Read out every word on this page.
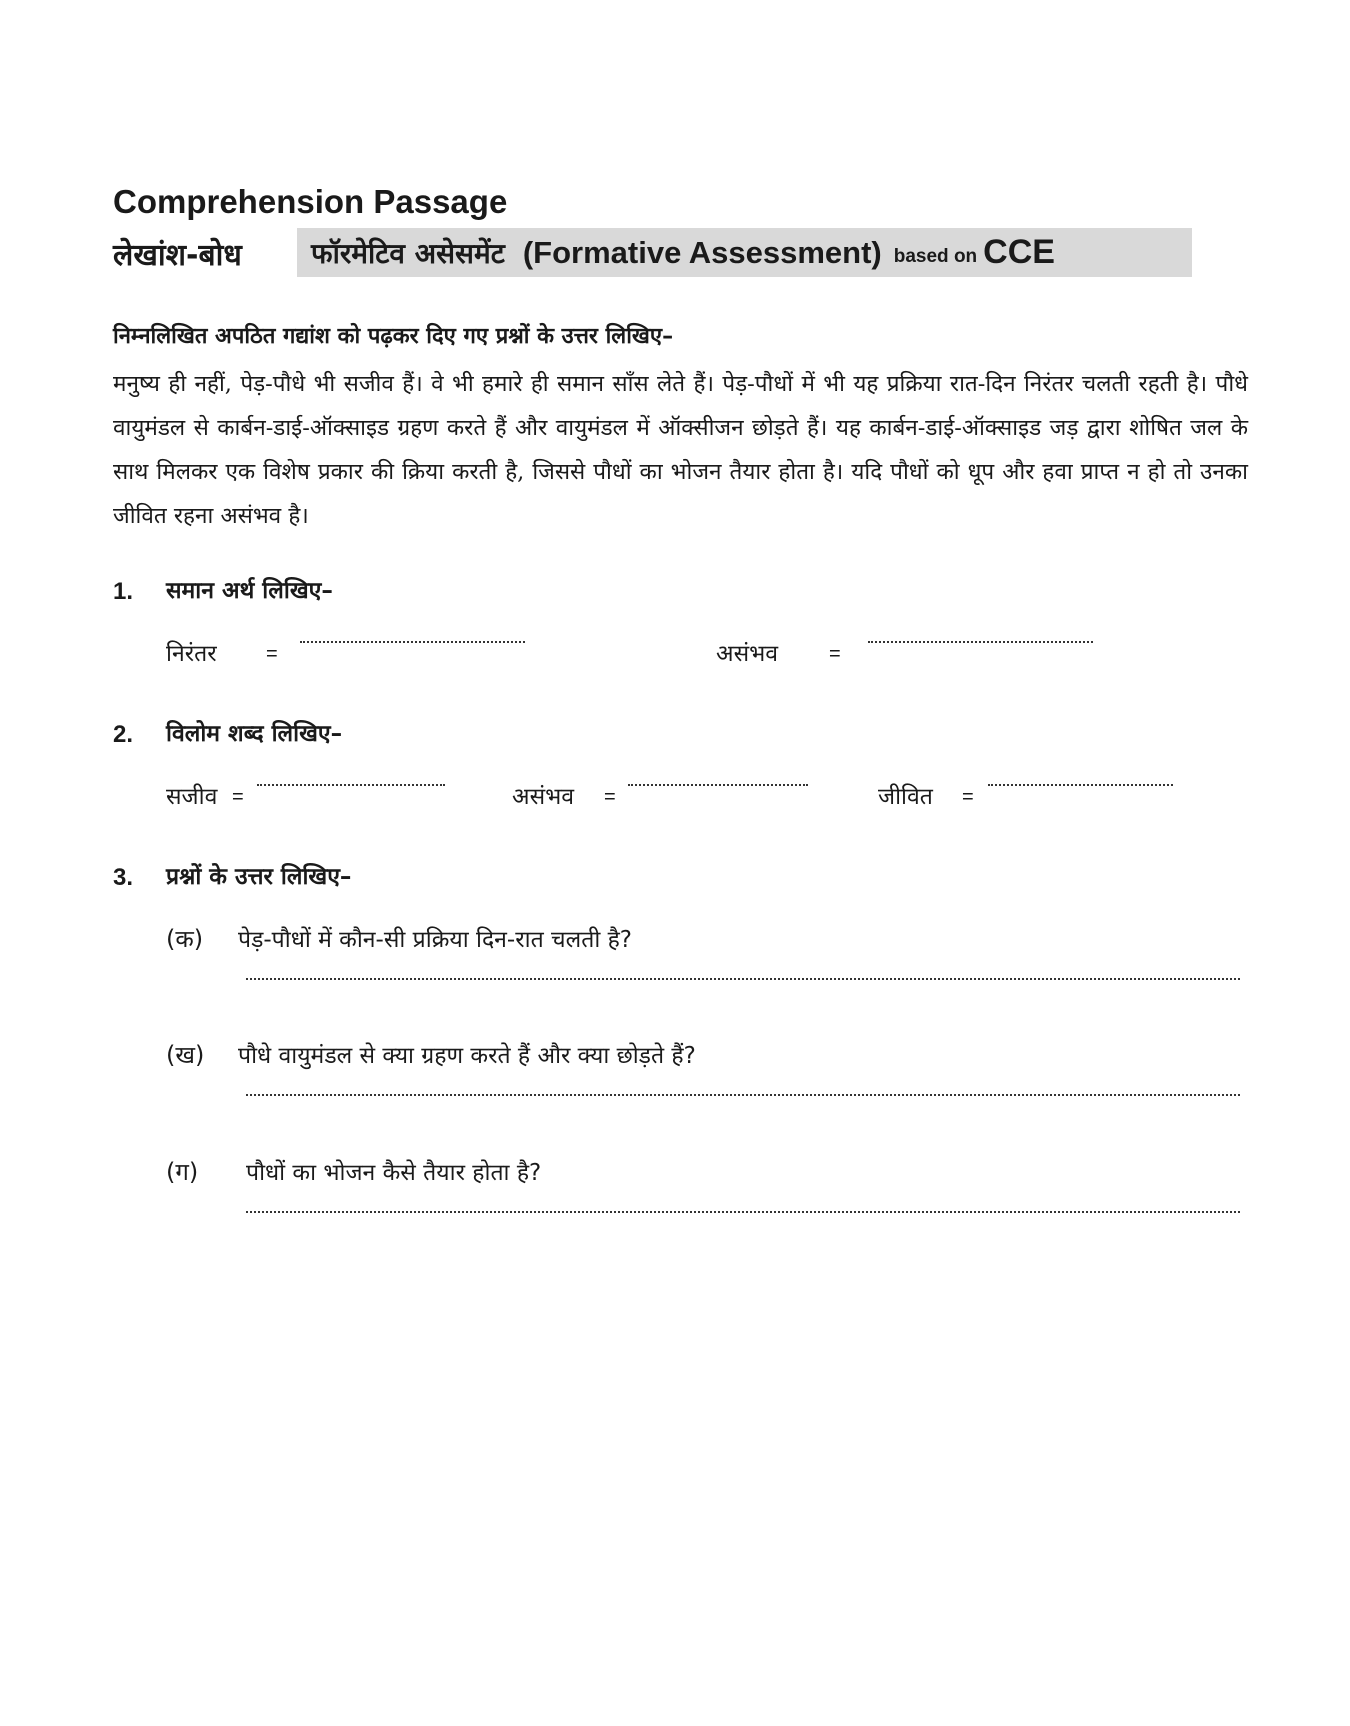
Comprehension Passage
लेखांश-बोध फॉरमेटिव असेसमेंट (Formative Assessment) based on CCE
निम्नलिखित अपठित गद्यांश को पढ़कर दिए गए प्रश्नों के उत्तर लिखिए–
मनुष्य ही नहीं, पेड़-पौधे भी सजीव हैं। वे भी हमारे ही समान साँस लेते हैं। पेड़-पौधों में भी यह प्रक्रिया रात-दिन निरंतर चलती रहती है। पौधे वायुमंडल से कार्बन-डाई-ऑक्साइड ग्रहण करते हैं और वायुमंडल में ऑक्सीजन छोड़ते हैं। यह कार्बन-डाई-ऑक्साइड जड़ द्वारा शोषित जल के साथ मिलकर एक विशेष प्रकार की क्रिया करती है, जिससे पौधों का भोजन तैयार होता है। यदि पौधों को धूप और हवा प्राप्त न हो तो उनका जीवित रहना असंभव है।
1. समान अर्थ लिखिए–
निरंतर =	असंभव	=
2. विलोम शब्द लिखिए–
सजीव =	असंभव =	जीवित =
3. प्रश्नों के उत्तर लिखिए–
(क) पेड़-पौधों में कौन-सी प्रक्रिया दिन-रात चलती है?
(ख) पौधे वायुमंडल से क्या ग्रहण करते हैं और क्या छोड़ते हैं?
(ग) पौधों का भोजन कैसे तैयार होता है?
